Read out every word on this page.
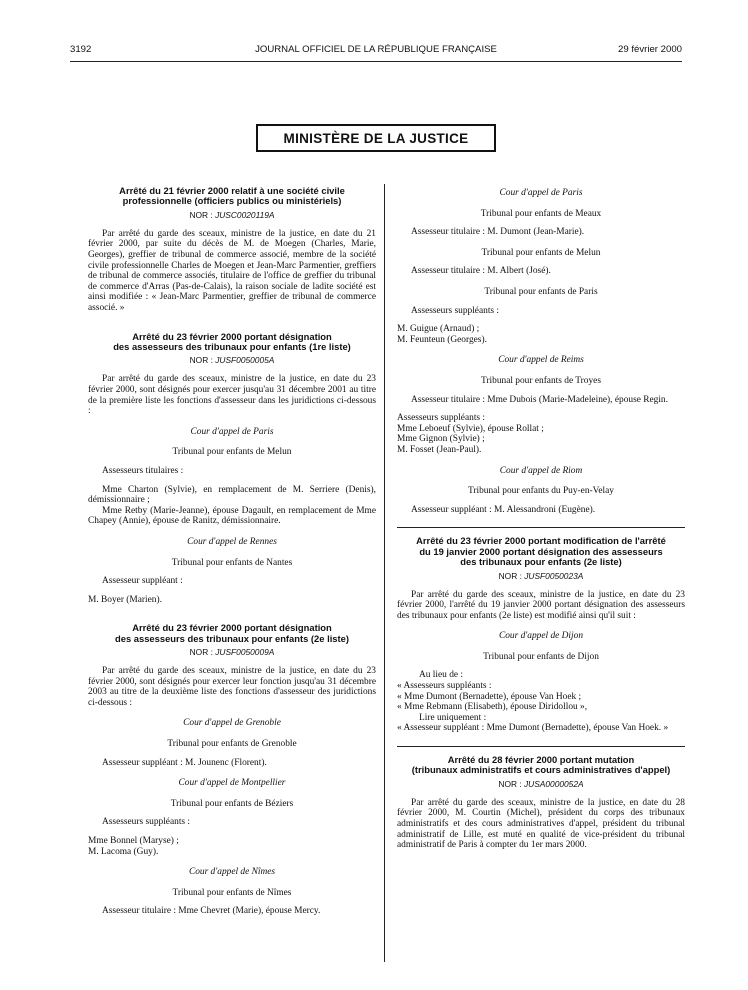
3192	JOURNAL OFFICIEL DE LA RÉPUBLIQUE FRANÇAISE	29 février 2000
MINISTÈRE DE LA JUSTICE
Arrêté du 21 février 2000 relatif à une société civile
professionnelle (officiers publics ou ministériels)
NOR : JUSC0020119A
Par arrêté du garde des sceaux, ministre de la justice, en date du 21 février 2000, par suite du décès de M. de Moegen (Charles, Marie, Georges), greffier de tribunal de commerce associé, membre de la société civile professionnelle Charles de Moegen et Jean-Marc Parmentier, greffiers de tribunal de commerce associés, titulaire de l'office de greffier du tribunal de commerce d'Arras (Pas-de-Calais), la raison sociale de ladite société est ainsi modifiée : « Jean-Marc Parmentier, greffier de tribunal de commerce associé. »
Arrêté du 23 février 2000 portant désignation
des assesseurs des tribunaux pour enfants (1re liste)
NOR : JUSF0050005A
Par arrêté du garde des sceaux, ministre de la justice, en date du 23 février 2000, sont désignés pour exercer jusqu'au 31 décembre 2001 au titre de la première liste les fonctions d'assesseur dans les juridictions ci-dessous :
Cour d'appel de Paris
Tribunal pour enfants de Melun
Assesseurs titulaires :
Mme Charton (Sylvie), en remplacement de M. Serriere (Denis), démissionnaire ;
Mme Retby (Marie-Jeanne), épouse Dagault, en remplacement de Mme Chapey (Annie), épouse de Ranitz, démissionnaire.
Cour d'appel de Rennes
Tribunal pour enfants de Nantes
Assesseur suppléant :
M. Boyer (Marien).
Arrêté du 23 février 2000 portant désignation
des assesseurs des tribunaux pour enfants (2e liste)
NOR : JUSF0050009A
Par arrêté du garde des sceaux, ministre de la justice, en date du 23 février 2000, sont désignés pour exercer leur fonction jusqu'au 31 décembre 2003 au titre de la deuxième liste des fonctions d'assesseur des juridictions ci-dessous :
Cour d'appel de Grenoble
Tribunal pour enfants de Grenoble
Assesseur suppléant : M. Jounenc (Florent).
Cour d'appel de Montpellier
Tribunal pour enfants de Béziers
Assesseurs suppléants :
Mme Bonnel (Maryse) ;
M. Lacoma (Guy).
Cour d'appel de Nîmes
Tribunal pour enfants de Nîmes
Assesseur titulaire : Mme Chevret (Marie), épouse Mercy.
Cour d'appel de Paris
Tribunal pour enfants de Meaux
Assesseur titulaire : M. Dumont (Jean-Marie).
Tribunal pour enfants de Melun
Assesseur titulaire : M. Albert (José).
Tribunal pour enfants de Paris
Assesseurs suppléants :
M. Guigue (Arnaud) ;
M. Feunteun (Georges).
Cour d'appel de Reims
Tribunal pour enfants de Troyes
Assesseur titulaire : Mme Dubois (Marie-Madeleine), épouse Regin.
Assesseurs suppléants :
Mme Leboeuf (Sylvie), épouse Rollat ;
Mme Gignon (Sylvie) ;
M. Fosset (Jean-Paul).
Cour d'appel de Riom
Tribunal pour enfants du Puy-en-Velay
Assesseur suppléant : M. Alessandroni (Eugène).
Arrêté du 23 février 2000 portant modification de l'arrêté
du 19 janvier 2000 portant désignation des assesseurs
des tribunaux pour enfants (2e liste)
NOR : JUSF0050023A
Par arrêté du garde des sceaux, ministre de la justice, en date du 23 février 2000, l'arrêté du 19 janvier 2000 portant désignation des assesseurs des tribunaux pour enfants (2e liste) est modifié ainsi qu'il suit :
Cour d'appel de Dijon
Tribunal pour enfants de Dijon
Au lieu de :
« Assesseurs suppléants :
« Mme Dumont (Bernadette), épouse Van Hoek ;
« Mme Rebmann (Elisabeth), épouse Diridollou »,
Lire uniquement :
« Assesseur suppléant : Mme Dumont (Bernadette), épouse Van Hoek. »
Arrêté du 28 février 2000 portant mutation
(tribunaux administratifs et cours administratives d'appel)
NOR : JUSA0000052A
Par arrêté du garde des sceaux, ministre de la justice, en date du 28 février 2000, M. Courtin (Michel), président du corps des tribunaux administratifs et des cours administratives d'appel, président du tribunal administratif de Lille, est muté en qualité de vice-président du tribunal administratif de Paris à compter du 1er mars 2000.
